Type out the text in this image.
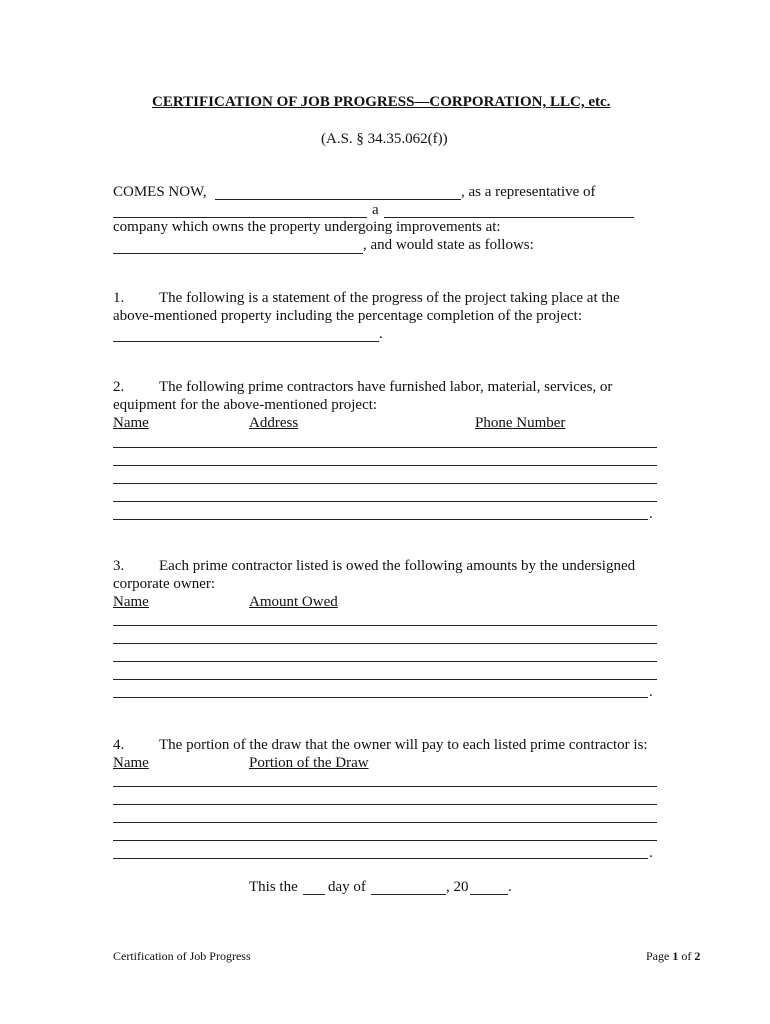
CERTIFICATION OF JOB PROGRESS—CORPORATION, LLC, etc.
(A.S. § 34.35.062(f))
COMES NOW,	, as a representative of
a
company which owns the property undergoing improvements at:
, and would state as follows:
1. The following is a statement of the progress of the project taking place at the
above-mentioned property including the percentage completion of the project:
.
2. The following prime contractors have furnished labor, material, services, or
equipment for the above-mentioned project:
Name	Address	Phone Number
.
3. Each prime contractor listed is owed the following amounts by the undersigned
corporate owner:
Name	Amount Owed
.
4. The portion of the draw that the owner will pay to each listed prime contractor is:
Name	Portion of the Draw
.
This the day of	, 20	.
Certification of Job Progress	Page 1 of 2
